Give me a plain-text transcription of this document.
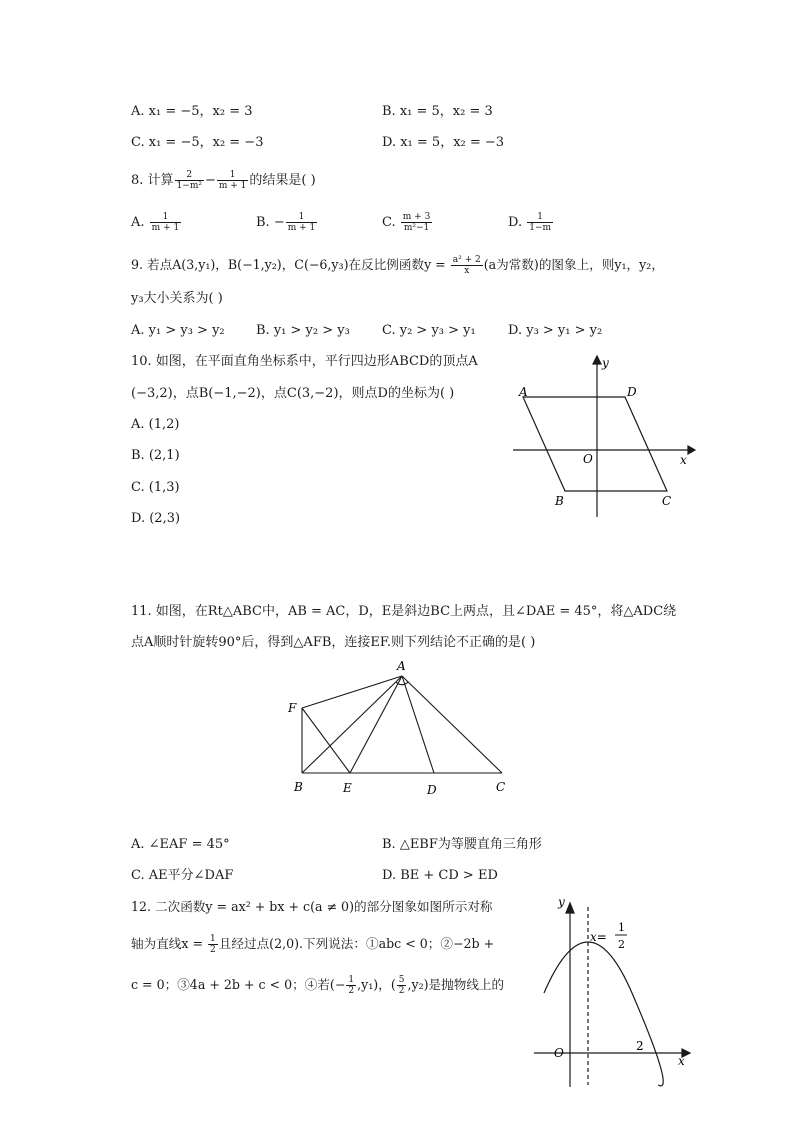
A. x₁ = −5，x₂ = 3	B. x₁ = 5，x₂ = 3
C. x₁ = −5，x₂ = −3	D. x₁ = 5，x₂ = −3
8. 计算 $\frac{2}{\text{1−m²}} - \frac{1}{m + 1}$ 的结果是( )
A. $\frac{1}{m + 1}$	B. − $\frac{1}{m + 1}$	C. $\frac{m + 3}{\text{m²−1}}$	D. $\frac{1}{1-m}$
9. 若点A(3,y₁)，B(−1,y₂)，C(−6,y₃)在反比例函数$y = \frac{\text{a² + 2}}{x} (a$为常数)的图象上，则y₁，y₂，
y₃大小关系为( )
A. y₁ > y₃ > y₂ B. y₁ > y₂ > y₃ C. y₂ > y₃ > y₁ D. y₃ > y₁ > y₂
10. 如图，在平面直角坐标系中，平行四边形ABCD的顶点A
(−3,2)，点B(−1,−2)，点C(3,−2)，则点D的坐标为( )
A. (1,2)
B. (2,1)
C. (1,3)
D. (2,3)
A	D
B	C
O	x
y
11. 如图，在Rt△ABC中，AB = AC，D，E是斜边BC上两点，且∠DAE = 45°，将△ADC绕
点A顺时针旋转90°后，得到△AFB，连接EF.则下列结论不正确的是( )
A
F
B	E	D	C
A. ∠EAF = 45°	B. △EBF为等腰直角三角形
C. AE平分∠DAF	D. BE + CD > ED
12. 二次函数y = ax² + bx + c(a ≠ 0)的部分图象如图所示对称
轴为直线$x = \frac{1}{2}$ 且经过点(2,0).下列说法：①abc < 0；②−2b +
c = 0；③4a + 2b + c < 0；④若(− $\frac{1}{2} ,y_1$)，( $\frac{5}{2} ,y_2$)是抛物线上的
y
x
O	2
x=
1
2
